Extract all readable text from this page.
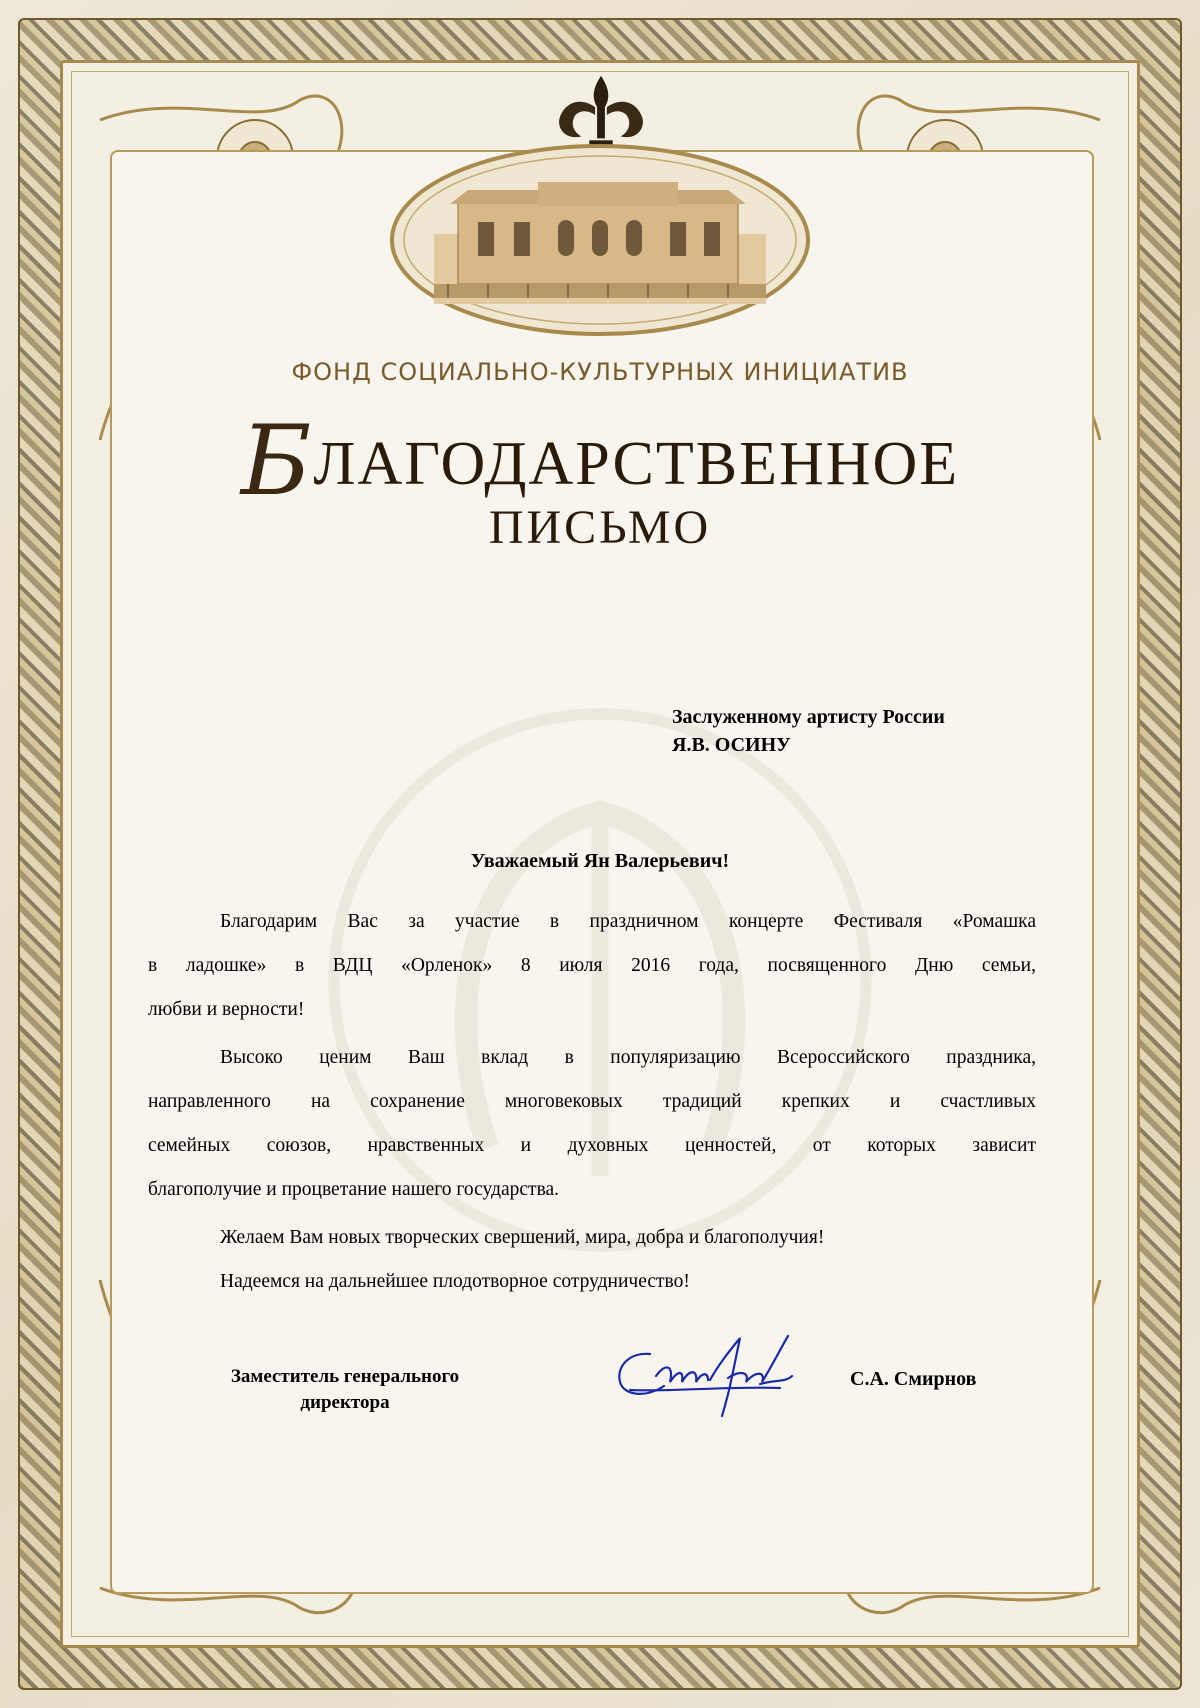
ФОНД СОЦИАЛЬНО-КУЛЬТУРНЫХ ИНИЦИАТИВ
БЛАГОДАРСТВЕННОЕ
ПИСЬМО
Заслуженному артисту России
Я.В. ОСИНУ
Уважаемый Ян Валерьевич!
Благодарим Вас за участие в праздничном концерте Фестиваля «Ромашка
в ладошке» в ВДЦ «Орленок» 8 июля 2016 года, посвященного Дню семьи,
любви и верности!
Высоко ценим Ваш вклад в популяризацию Всероссийского праздника,
направленного на сохранение многовековых традиций крепких и счастливых
семейных союзов, нравственных и духовных ценностей, от которых зависит
благополучие и процветание нашего государства.
Желаем Вам новых творческих свершений, мира, добра и благополучия!
Надеемся на дальнейшее плодотворное сотрудничество!
Заместитель генерального
директора
С.А. Смирнов
